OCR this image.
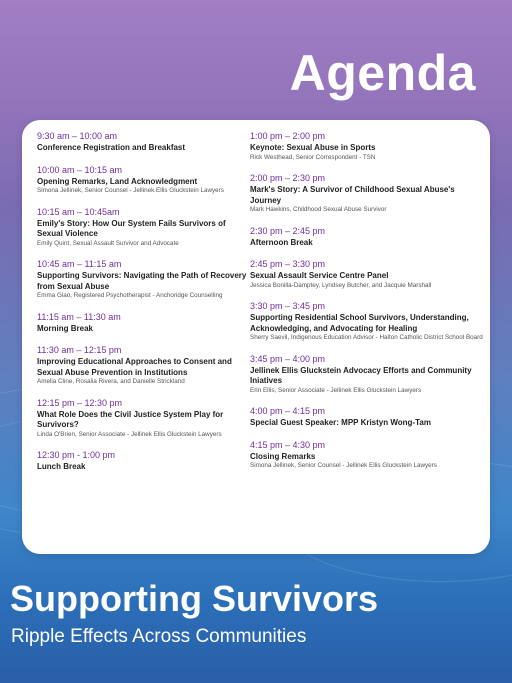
Agenda
9:30 am – 10:00 am
Conference Registration and Breakfast
10:00 am – 10:15 am
Opening Remarks, Land Acknowledgment
Simona Jellinek, Senior Counsel - Jellinek Ellis Gluckstein Lawyers
10:15 am – 10:45am
Emily's Story: How Our System Fails Survivors of Sexual Violence
Emily Quint, Sexual Assault Survivor and Advocate
10:45 am – 11:15 am
Supporting Survivors: Navigating the Path of Recovery from Sexual Abuse
Emma Giao, Registered Psychotherapist - Anchoridge Counselling
11:15 am – 11:30 am
Morning Break
11:30 am – 12:15 pm
Improving Educational Approaches to Consent and Sexual Abuse Prevention in Institutions
Amelia Cline, Rosalia Rivera, and Danielle Strickland
12:15 pm – 12:30 pm
What Role Does the Civil Justice System Play for Survivors?
Linda O'Brien, Senior Associate - Jellinek Ellis Gluckstein Lawyers
12:30 pm - 1:00 pm
Lunch Break
1:00 pm – 2:00 pm
Keynote: Sexual Abuse in Sports
Rick Westhead, Senior Correspondent - TSN
2:00 pm – 2:30 pm
Mark's Story: A Survivor of Childhood Sexual Abuse's Journey
Mark Hawkins, Childhood Sexual Abuse Survivor
2:30 pm – 2:45 pm
Afternoon Break
2:45 pm – 3:30 pm
Sexual Assault Service Centre Panel
Jessica Bonilla-Damptey, Lyndsey Butcher, and Jacquie Marshall
3:30 pm – 3:45 pm
Supporting Residential School Survivors, Understanding, Acknowledging, and Advocating for Healing
Sherry Saevil, Indigenous Education Advisor - Halton Catholic District School Board
3:45 pm – 4:00 pm
Jellinek Ellis Gluckstein Advocacy Efforts and Community Iniatives
Erin Ellis, Senior Associate - Jellinek Ellis Gluckstein Lawyers
4:00 pm – 4:15 pm
Special Guest Speaker: MPP Kristyn Wong-Tam
4:15 pm – 4:30 pm
Closing Remarks
Simona Jellinek, Senior Counsel - Jellinek Ellis Gluckstein Lawyers
Supporting Survivors
Ripple Effects Across Communities
